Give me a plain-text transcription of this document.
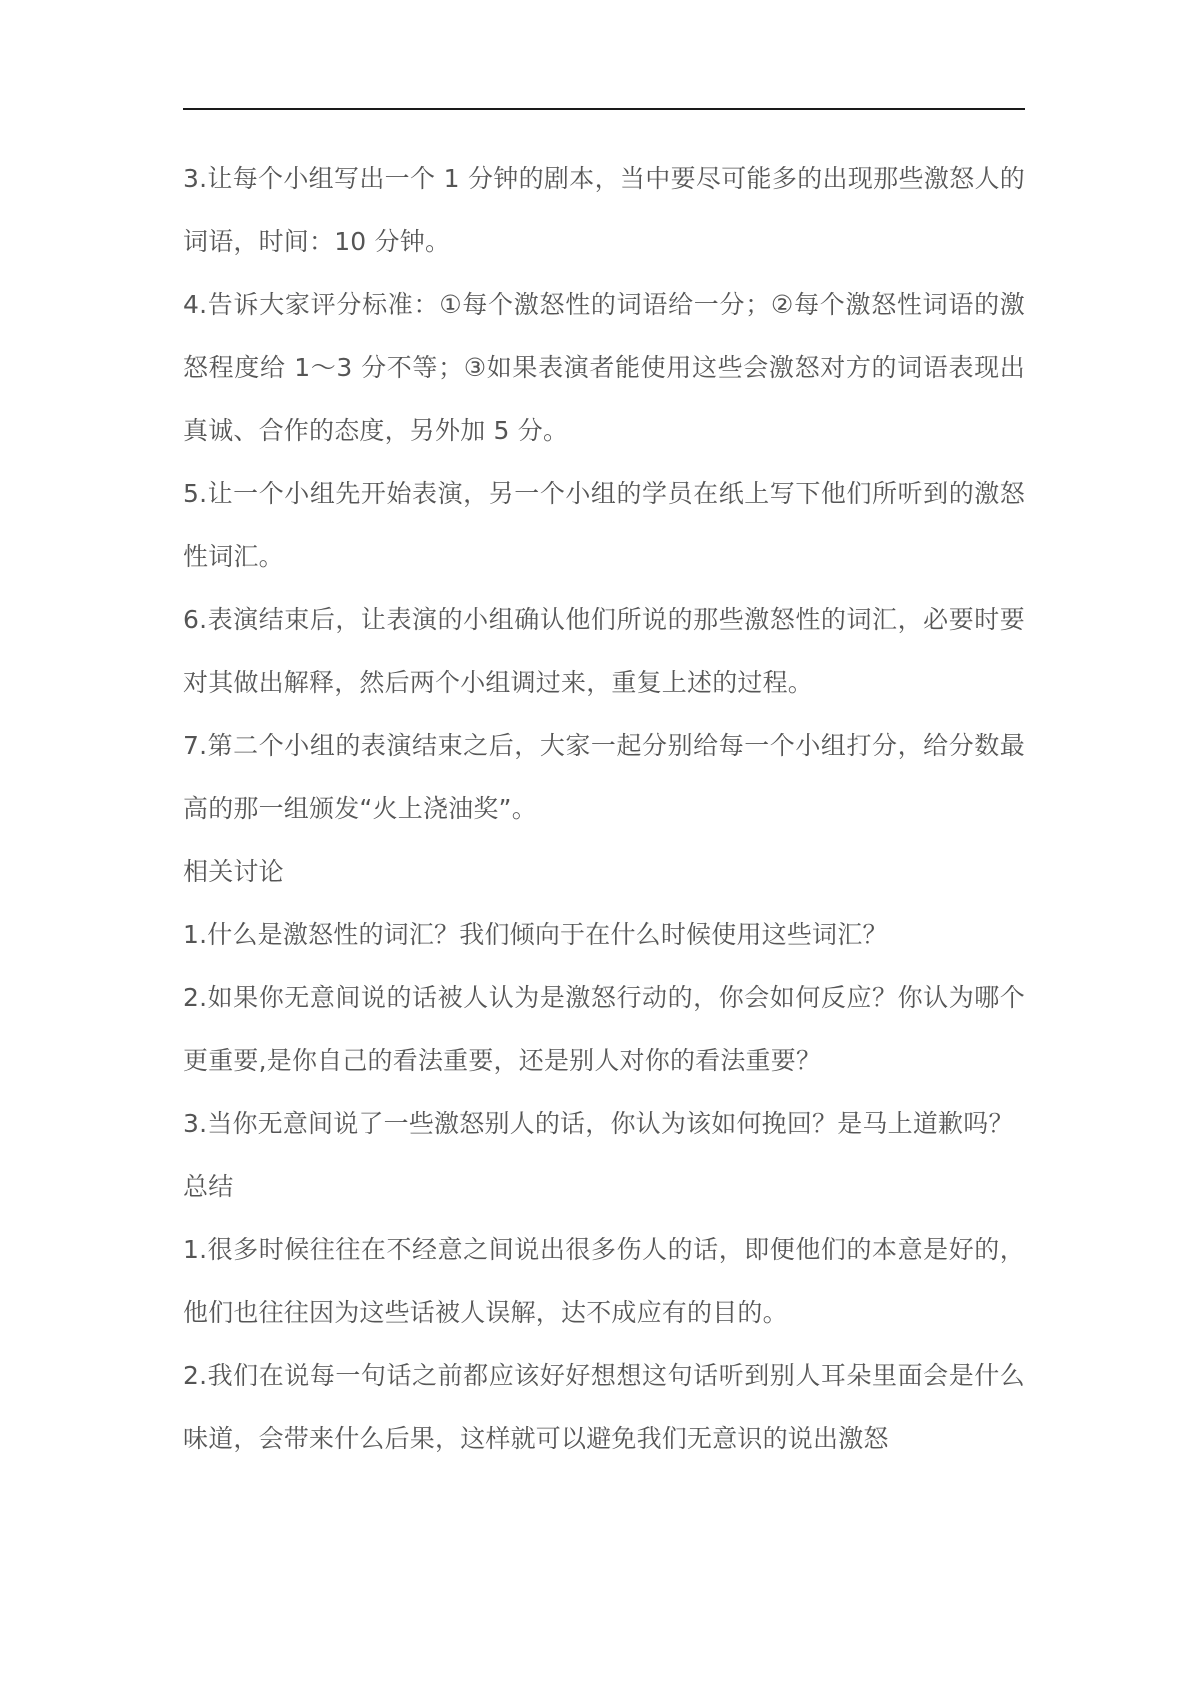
3.让每个小组写出一个 1 分钟的剧本，当中要尽可能多的出现那些激怒人的词语，时间：10 分钟。

4.告诉大家评分标准：①每个激怒性的词语给一分；②每个激怒性词语的激怒程度给 1～3 分不等；③如果表演者能使用这些会激怒对方的词语表现出真诚、合作的态度，另外加 5 分。

5.让一个小组先开始表演，另一个小组的学员在纸上写下他们所听到的激怒性词汇。

6.表演结束后，让表演的小组确认他们所说的那些激怒性的词汇，必要时要对其做出解释，然后两个小组调过来，重复上述的过程。

7.第二个小组的表演结束之后，大家一起分别给每一个小组打分，给分数最高的那一组颁发“火上浇油奖”。

相关讨论

1.什么是激怒性的词汇？我们倾向于在什么时候使用这些词汇？

2.如果你无意间说的话被人认为是激怒行动的，你会如何反应？你认为哪个更重要,是你自己的看法重要，还是别人对你的看法重要？

3.当你无意间说了一些激怒别人的话，你认为该如何挽回？是马上道歉吗？

总结

1.很多时候往往在不经意之间说出很多伤人的话，即便他们的本意是好的，他们也往往因为这些话被人误解，达不成应有的目的。

2.我们在说每一句话之前都应该好好想想这句话听到别人耳朵里面会是什么味道，会带来什么后果，这样就可以避免我们无意识的说出激怒
